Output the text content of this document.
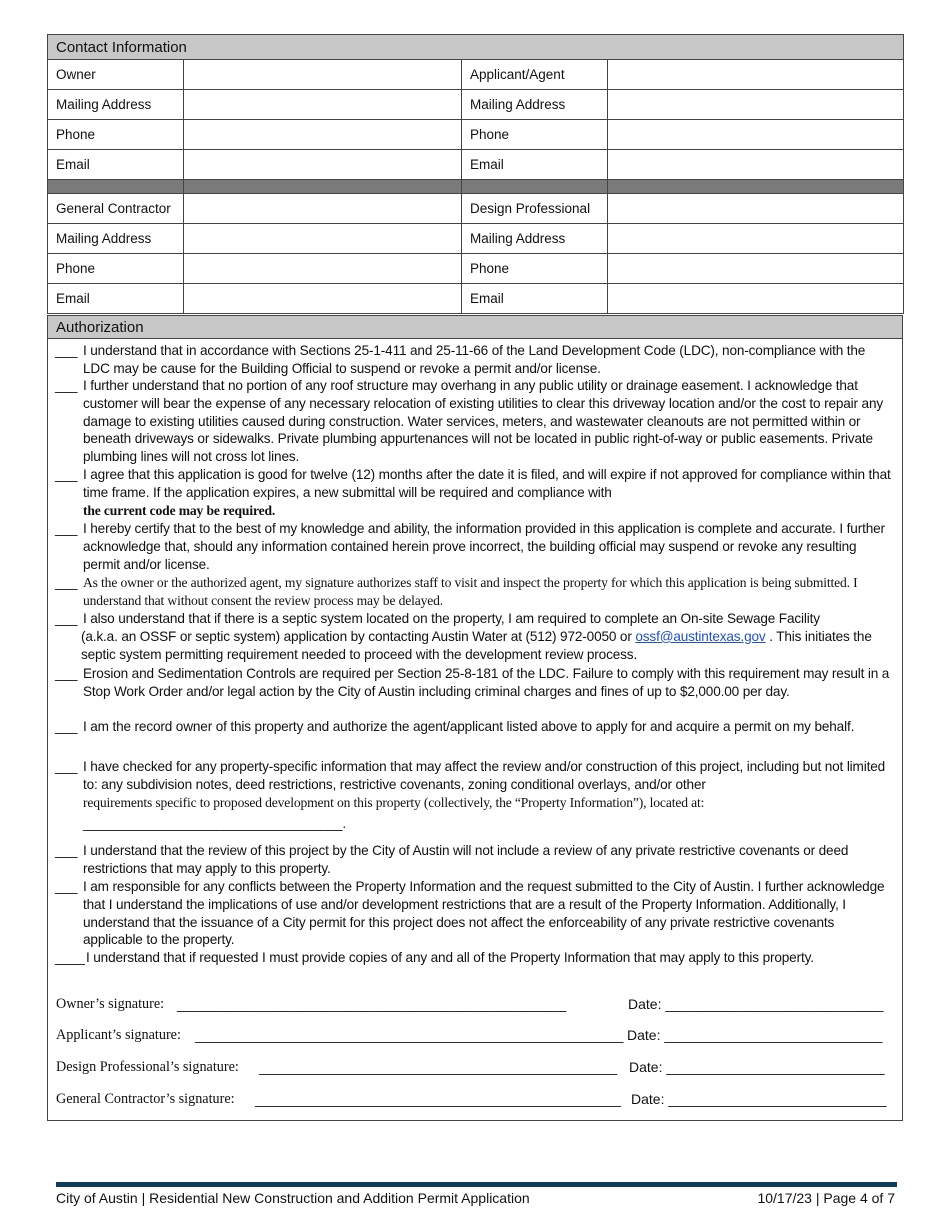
Contact Information			
Owner		Applicant/Agent	
Mailing Address		Mailing Address	
Phone		Phone	
Email		Email	

General Contractor		Design Professional	
Mailing Address		Mailing Address	
Phone		Phone	
Email		Email	
Authorization
___ I understand that in accordance with Sections 25-1-411 and 25-11-66 of the Land Development Code (LDC), non-compliance with the LDC may be cause for the Building Official to suspend or revoke a permit and/or license.
___ I further understand that no portion of any roof structure may overhang in any public utility or drainage easement. I acknowledge that customer will bear the expense of any necessary relocation of existing utilities to clear this driveway location and/or the cost to repair any damage to existing utilities caused during construction. Water services, meters, and wastewater cleanouts are not permitted within or beneath driveways or sidewalks. Private plumbing appurtenances will not be located in public right-of-way or public easements. Private plumbing lines will not cross lot lines.
___ I agree that this application is good for twelve (12) months after the date it is filed, and will expire if not approved for compliance within that time frame. If the application expires, a new submittal will be required and compliance with
the current code may be required.
___ I hereby certify that to the best of my knowledge and ability, the information provided in this application is complete and accurate. I further acknowledge that, should any information contained herein prove incorrect, the building official may suspend or revoke any resulting permit and/or license.
___ As the owner or the authorized agent, my signature authorizes staff to visit and inspect the property for which this application is being submitted. I understand that without consent the review process may be delayed.
___ I also understand that if there is a septic system located on the property, I am required to complete an On-site Sewage Facility
(a.k.a. an OSSF or septic system) application by contacting Austin Water at (512) 972-0050 or ossf@austintexas.gov . This initiates the septic system permitting requirement needed to proceed with the development review process.
___ Erosion and Sedimentation Controls are required per Section 25-8-181 of the LDC. Failure to comply with this requirement may result in a Stop Work Order and/or legal action by the City of Austin including criminal charges and fines of up to $2,000.00 per day.
___ I am the record owner of this property and authorize the agent/applicant listed above to apply for and acquire a permit on my behalf.
___ I have checked for any property-specific information that may affect the review and/or construction of this project, including but not limited to: any subdivision notes, deed restrictions, restrictive covenants, zoning conditional overlays, and/or other
requirements specific to proposed development on this property (collectively, the “Property Information”), located at:
___________________________________.
___ I understand that the review of this project by the City of Austin will not include a review of any private restrictive covenants or deed restrictions that may apply to this property.
___ I am responsible for any conflicts between the Property Information and the request submitted to the City of Austin. I further acknowledge that I understand the implications of use and/or development restrictions that are a result of the Property Information. Additionally, I understand that the issuance of a City permit for this project does not affect the enforceability of any private restrictive covenants applicable to the property.
____ I understand that if requested I must provide copies of any and all of the Property Information that may apply to this property.
Owner’s signature: __________________________________________________	Date: ____________________________
Applicant’s signature: _______________________________________________________ Date: ____________________________
Design Professional’s signature: ______________________________________________ Date: ____________________________
General Contractor’s signature: _______________________________________________ Date: ____________________________
City of Austin | Residential New Construction and Addition Permit Application	10/17/23 | Page 4 of 7
